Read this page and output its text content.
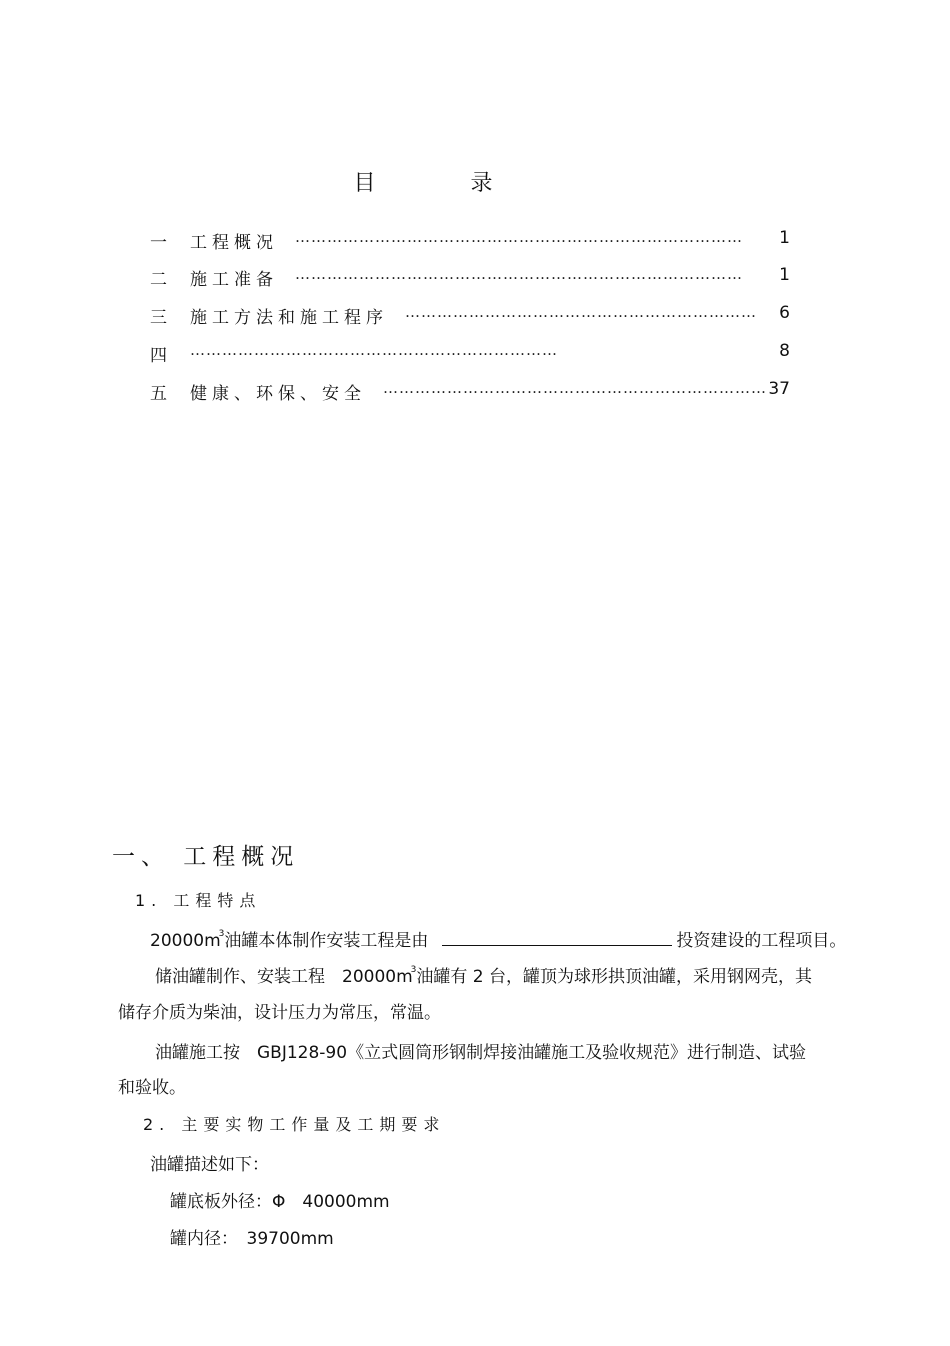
目 录
一 工程概况 …………………………………………………………………………	1
二 施工准备 …………………………………………………………………………	1
三 施工方法和施工程序 …………………………………………………………	6
四 ……………………………………………………………	8
五 健康、环保、安全 ……………………………………………………………… 37
一、 工程概况
1. 工程特点
$20000m^3$油罐本体制作安装工程是由	投资建设的工程项目。
储油罐制作、安装工程　$20000m^3$油罐有 2 台，罐顶为球形拱顶油罐，采用钢网壳，其
储存介质为柴油，设计压力为常压，常温。
油罐施工按　GBJ128-90《立式圆筒形钢制焊接油罐施工及验收规范》进行制造、试验
和验收。
2. 主要实物工作量及工期要求
油罐描述如下：
罐底板外径：Φ　40000mm
罐内径：　39700mm
